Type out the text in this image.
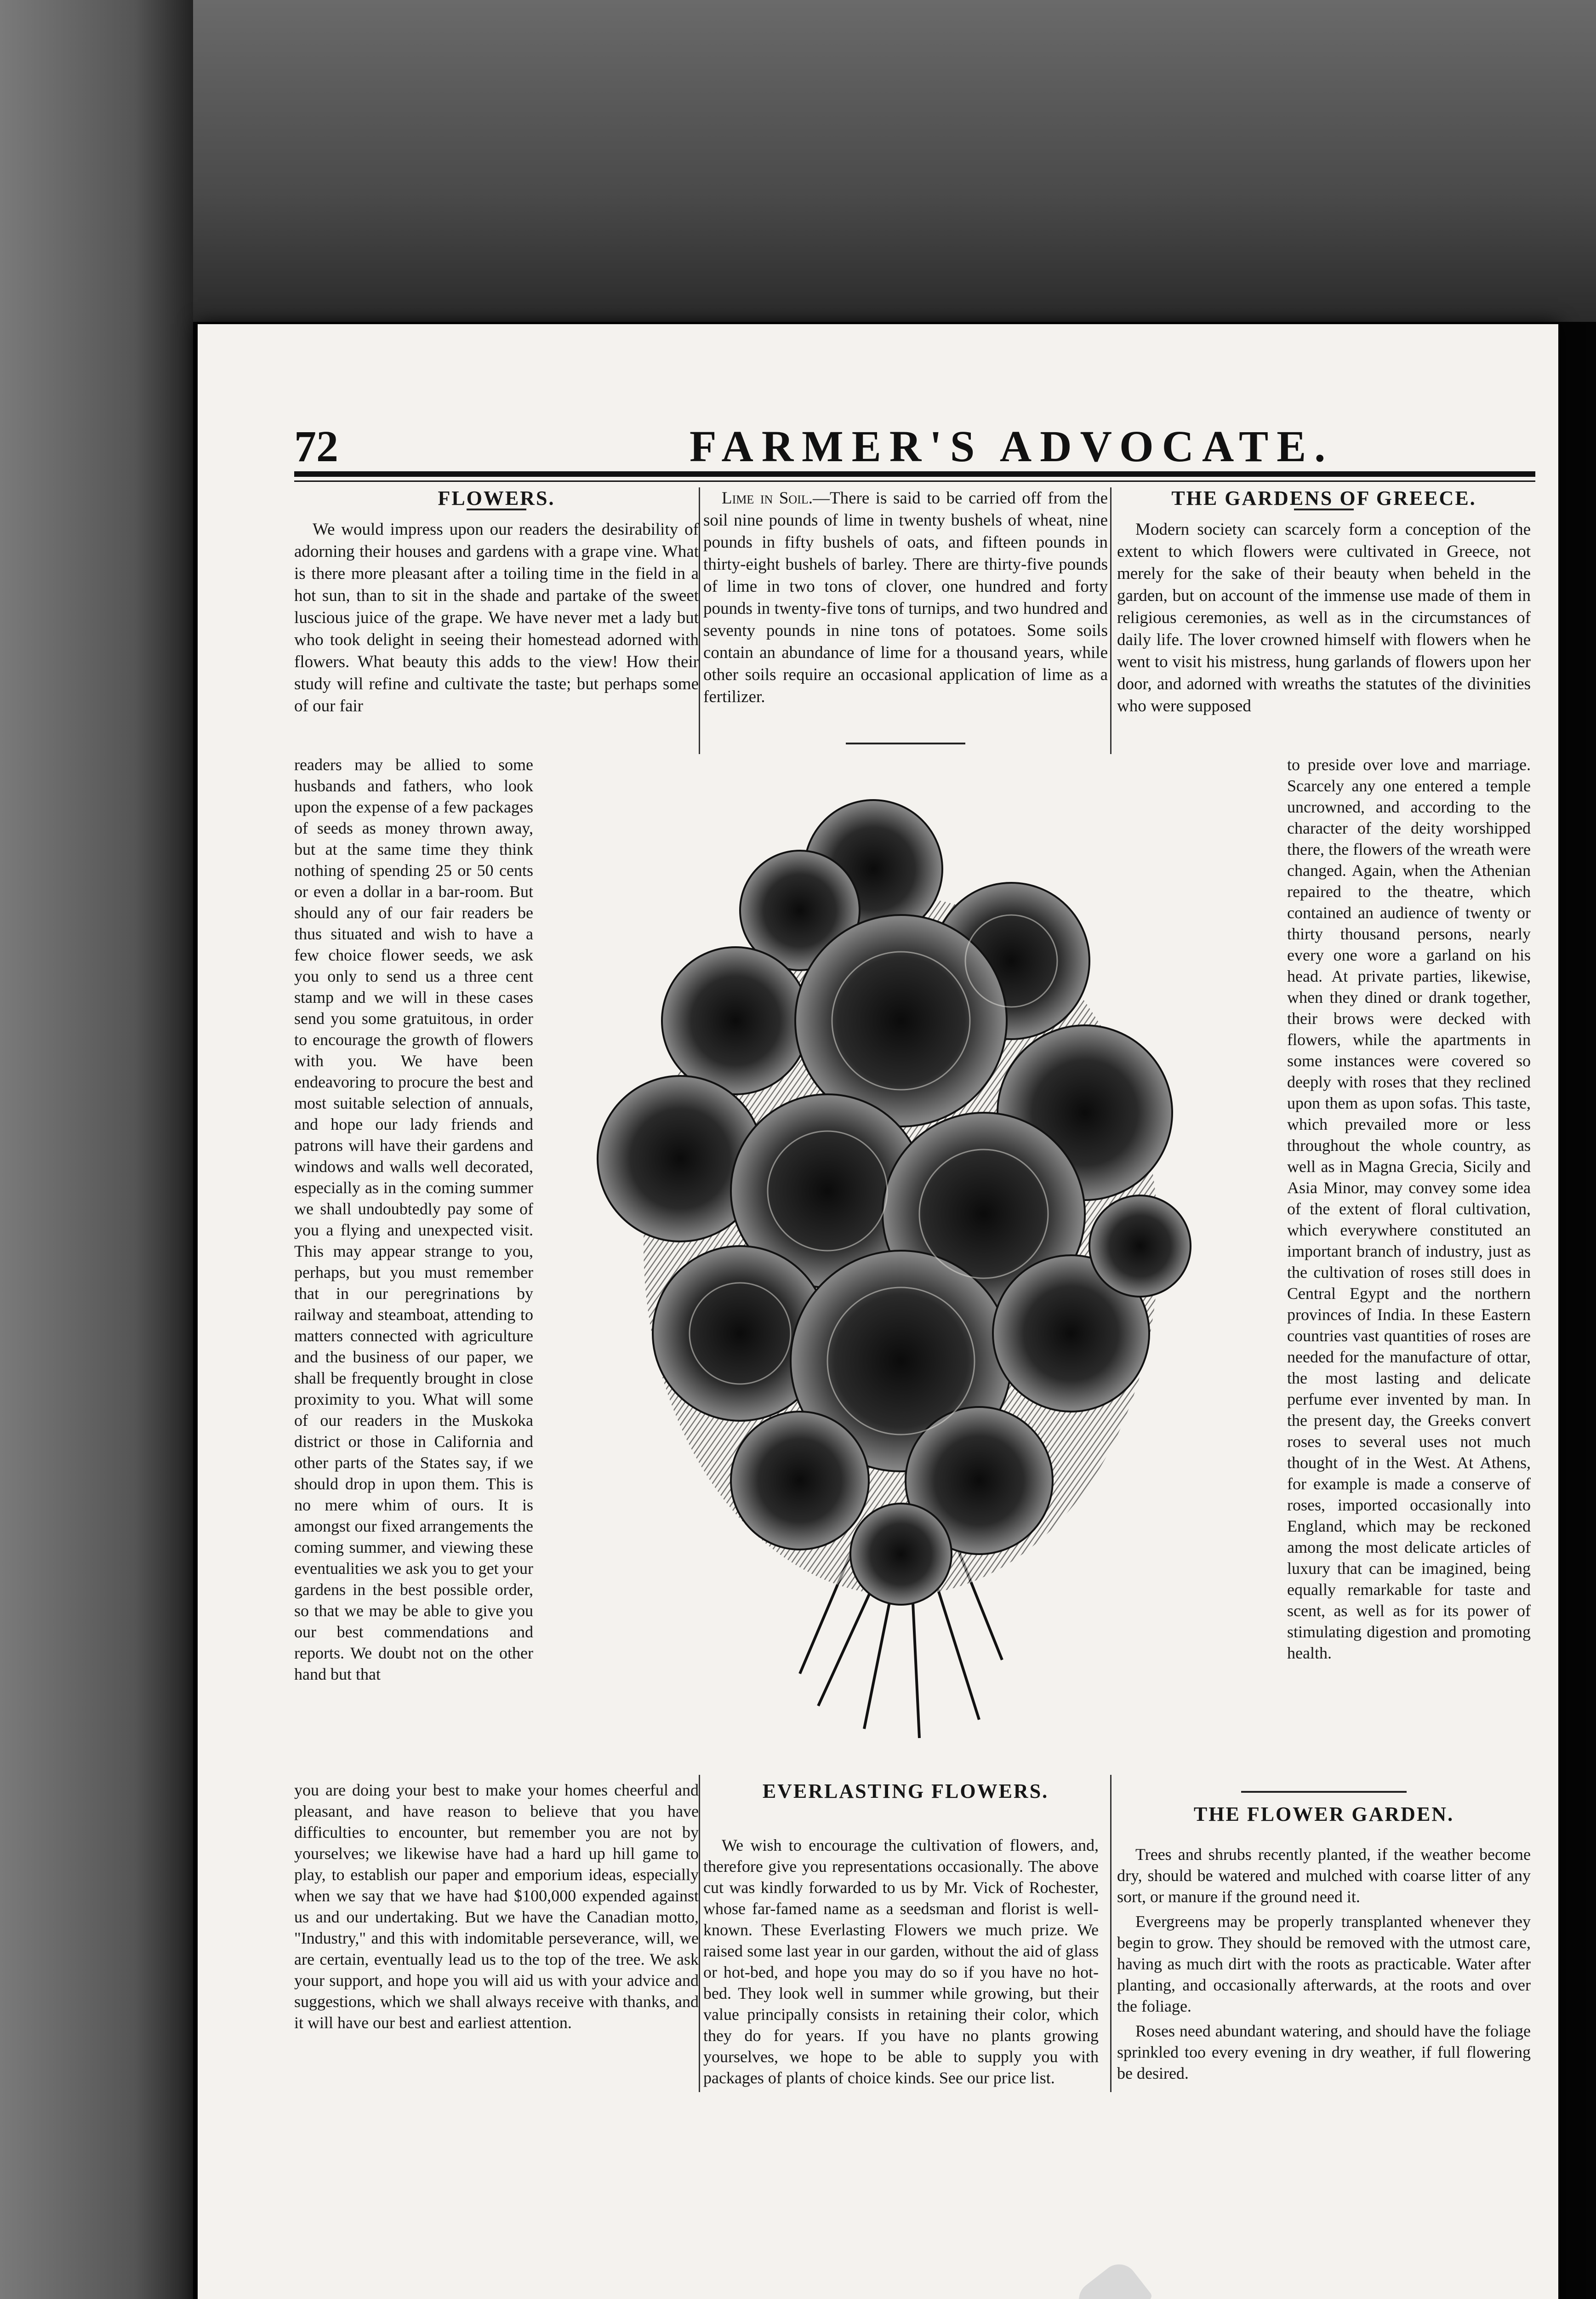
72	FARMER'S ADVOCATE.

FLOWERS.

We would impress upon our readers the desirability of adorning their houses and gardens with a grape vine. What is there more pleasant after a toiling time in the field in a hot sun, than to sit in the shade and partake of the sweet luscious juice of the grape. We have never met a lady but who took delight in seeing their homestead adorned with flowers. What beauty this adds to the view! How their study will refine and cultivate the taste; but perhaps some of our fair

readers may be allied to some husbands and fathers, who look upon the expense of a few packages of seeds as money thrown away, but at the same time they think nothing of spending 25 or 50 cents or even a dollar in a bar-room. But should any of our fair readers be thus situated and wish to have a few choice flower seeds, we ask you only to send us a three cent stamp and we will in these cases send you some gratuitous, in order to encourage the growth of flowers with you. We have been endeavoring to procure the best and most suitable selection of annuals, and hope our lady friends and patrons will have their gardens and windows and walls well decorated, especially as in the coming summer we shall undoubtedly pay some of you a flying and unexpected visit. This may appear strange to you, perhaps, but you must remember that in our peregrinations by railway and steamboat, attending to matters connected with agriculture and the business of our paper, we shall be frequently brought in close proximity to you. What will some of our readers in the Muskoka district or those in California and other parts of the States say, if we should drop in upon them. This is no mere whim of ours. It is amongst our fixed arrangements the coming summer, and viewing these eventualities we ask you to get your gardens in the best possible order, so that we may be able to give you our best commendations and reports. We doubt not on the other hand but that

you are doing your best to make your homes cheerful and pleasant, and have reason to believe that you have difficulties to encounter, but remember you are not by yourselves; we likewise have had a hard up hill game to play, to establish our paper and emporium ideas, especially when we say that we have had $100,000 expended against us and our undertaking. But we have the Canadian motto, "Industry," and this with indomitable perseverance, will, we are certain, eventually lead us to the top of the tree. We ask your support, and hope you will aid us with your advice and suggestions, which we shall always receive with thanks, and it will have our best and earliest attention.

Lime in Soil.—There is said to be carried off from the soil nine pounds of lime in twenty bushels of wheat, nine pounds in fifty bushels of oats, and fifteen pounds in thirty-eight bushels of barley. There are thirty-five pounds of lime in two tons of clover, one hundred and forty pounds in twenty-five tons of turnips, and two hundred and seventy pounds in nine tons of potatoes. Some soils contain an abundance of lime for a thousand years, while other soils require an occasional application of lime as a fertilizer.

THE GARDENS OF GREECE.

Modern society can scarcely form a conception of the extent to which flowers were cultivated in Greece, not merely for the sake of their beauty when beheld in the garden, but on account of the immense use made of them in religious ceremonies, as well as in the circumstances of daily life. The lover crowned himself with flowers when he went to visit his mistress, hung garlands of flowers upon her door, and adorned with wreaths the statutes of the divinities who were supposed

to preside over love and marriage. Scarcely any one entered a temple uncrowned, and according to the character of the deity worshipped there, the flowers of the wreath were changed. Again, when the Athenian repaired to the theatre, which contained an audience of twenty or thirty thousand persons, nearly every one wore a garland on his head. At private parties, likewise, when they dined or drank together, their brows were decked with flowers, while the apartments in some instances were covered so deeply with roses that they reclined upon them as upon sofas. This taste, which prevailed more or less throughout the whole country, as well as in Magna Grecia, Sicily and Asia Minor, may convey some idea of the extent of floral cultivation, which everywhere constituted an important branch of industry, just as the cultivation of roses still does in Central Egypt and the northern provinces of India. In these Eastern countries vast quantities of roses are needed for the manufacture of ottar, the most lasting and delicate perfume ever invented by man. In the present day, the Greeks convert roses to several uses not much thought of in the West. At Athens, for example is made a conserve of roses, imported occasionally into England, which may be reckoned among the most delicate articles of luxury that can be imagined, being equally remarkable for taste and scent, as well as for its power of stimulating digestion and promoting health.

EVERLASTING FLOWERS.

We wish to encourage the cultivation of flowers, and, therefore give you representations occasionally. The above cut was kindly forwarded to us by Mr. Vick of Rochester, whose far-famed name as a seedsman and florist is well-known. These Everlasting Flowers we much prize. We raised some last year in our garden, without the aid of glass or hot-bed, and hope you may do so if you have no hot-bed. They look well in summer while growing, but their value principally consists in retaining their color, which they do for years. If you have no plants growing yourselves, we hope to be able to supply you with packages of plants of choice kinds. See our price list.

THE FLOWER GARDEN.

Trees and shrubs recently planted, if the weather become dry, should be watered and mulched with coarse litter of any sort, or manure if the ground need it.

Evergreens may be properly transplanted whenever they begin to grow. They should be removed with the utmost care, having as much dirt with the roots as practicable. Water after planting, and occasionally afterwards, at the roots and over the foliage.

Roses need abundant watering, and should have the foliage sprinkled too every evening in dry weather, if full flowering be desired.
